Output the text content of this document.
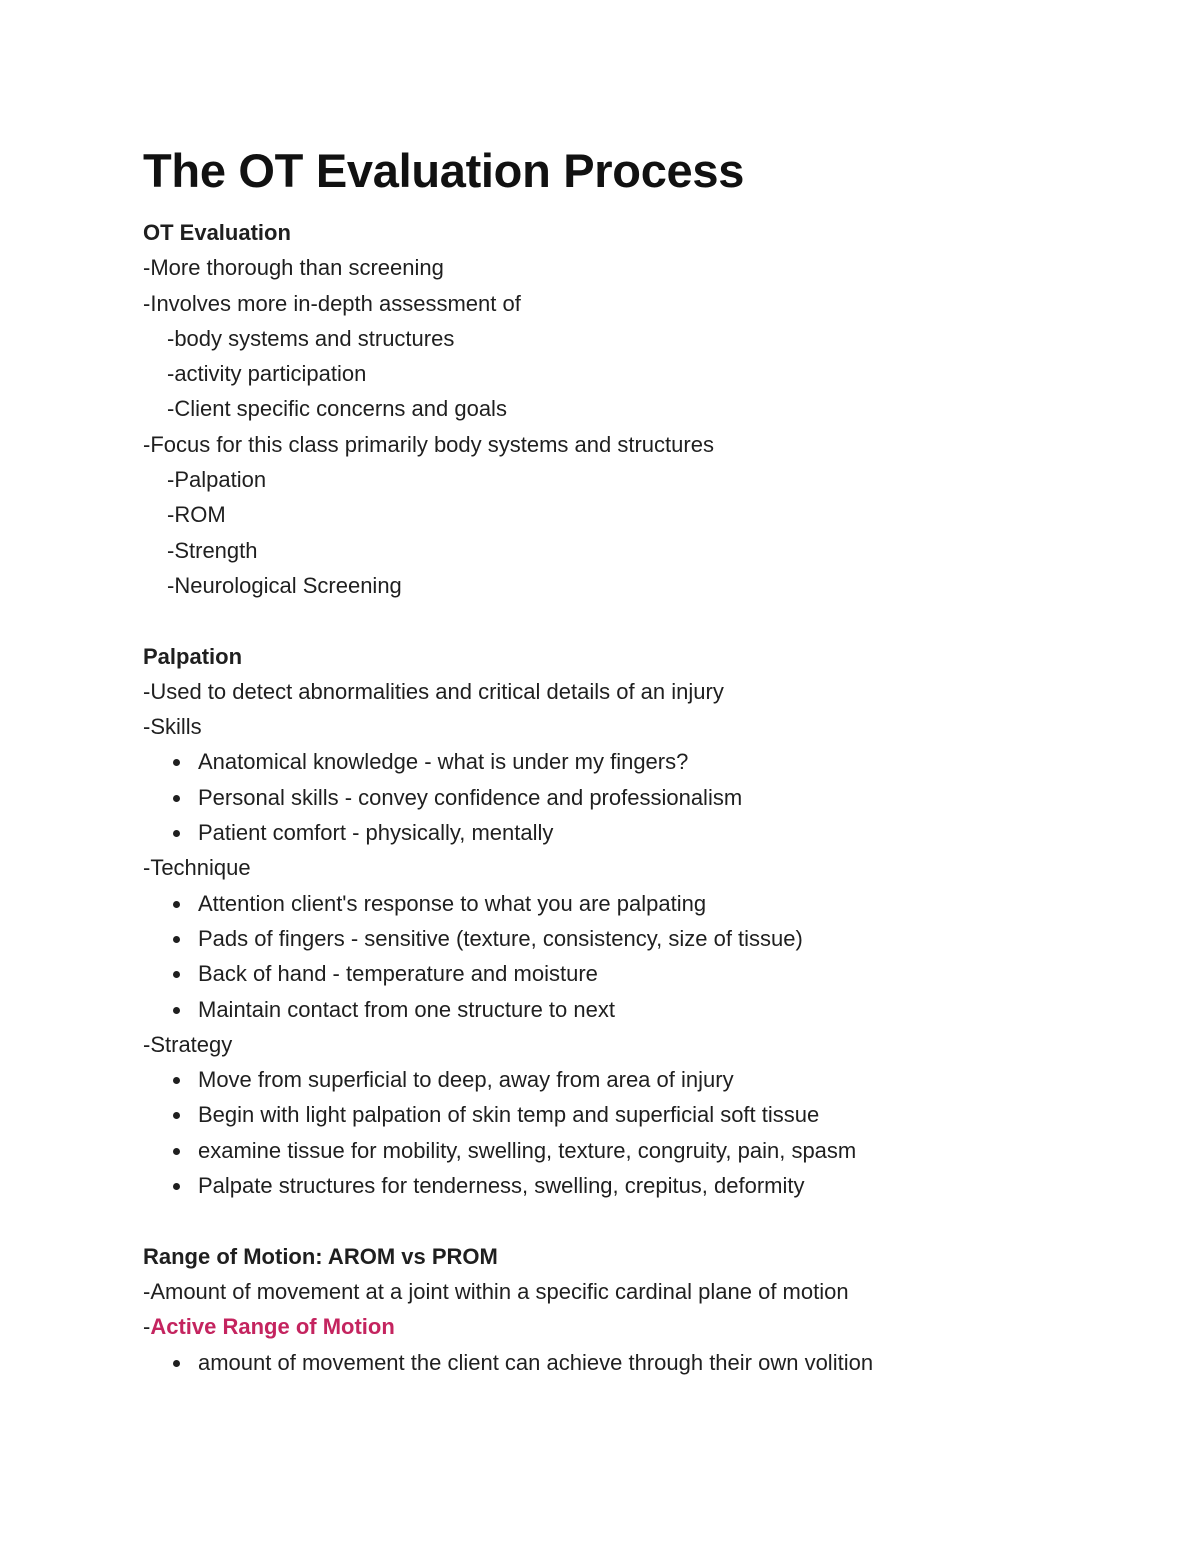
The OT Evaluation Process
OT Evaluation
-More thorough than screening
-Involves more in-depth assessment of
-body systems and structures
-activity participation
-Client specific concerns and goals
-Focus for this class primarily body systems and structures
-Palpation
-ROM
-Strength
-Neurological Screening
Palpation
-Used to detect abnormalities and critical details of an injury
-Skills
Anatomical knowledge - what is under my fingers?
Personal skills - convey confidence and professionalism
Patient comfort - physically, mentally
-Technique
Attention client's response to what you are palpating
Pads of fingers - sensitive (texture, consistency, size of tissue)
Back of hand - temperature and moisture
Maintain contact from one structure to next
-Strategy
Move from superficial to deep, away from area of injury
Begin with light palpation of skin temp and superficial soft tissue
examine tissue for mobility, swelling, texture, congruity, pain, spasm
Palpate structures for tenderness, swelling, crepitus, deformity
Range of Motion: AROM vs PROM
-Amount of movement at a joint within a specific cardinal plane of motion
-Active Range of Motion
amount of movement the client can achieve through their own volition
